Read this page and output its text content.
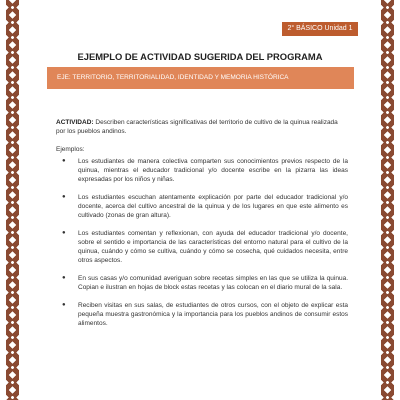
2° BÁSICO Unidad 1
EJEMPLO DE ACTIVIDAD SUGERIDA DEL PROGRAMA
EJE: TERRITORIO, TERRITORIALIDAD, IDENTIDAD Y MEMORIA HISTÓRICA

ACTIVIDAD: Describen características significativas del territorio de cultivo de la quinua realizada por los pueblos andinos.

Ejemplos:

● Los estudiantes de manera colectiva comparten sus conocimientos previos respecto de la quinua, mientras el educador tradicional y/o docente escribe en la pizarra las ideas expresadas por los niños y niñas.
● Los estudiantes escuchan atentamente explicación por parte del educador tradicional y/o docente, acerca del cultivo ancestral de la quinua y de los lugares en que este alimento es cultivado (zonas de gran altura).
● Los estudiantes comentan y reflexionan, con ayuda del educador tradicional y/o docente, sobre el sentido e importancia de las características del entorno natural para el cultivo de la quinua, cuándo y cómo se cultiva, cuándo y cómo se cosecha, qué cuidados necesita, entre otros aspectos.
● En sus casas y/o comunidad averiguan sobre recetas simples en las que se utiliza la quinua. Copian e ilustran en hojas de block estas recetas y las colocan en el diario mural de la sala.
● Reciben visitas en sus salas, de estudiantes de otros cursos, con el objeto de explicar esta pequeña muestra gastronómica y la importancia para los pueblos andinos de consumir estos alimentos.
